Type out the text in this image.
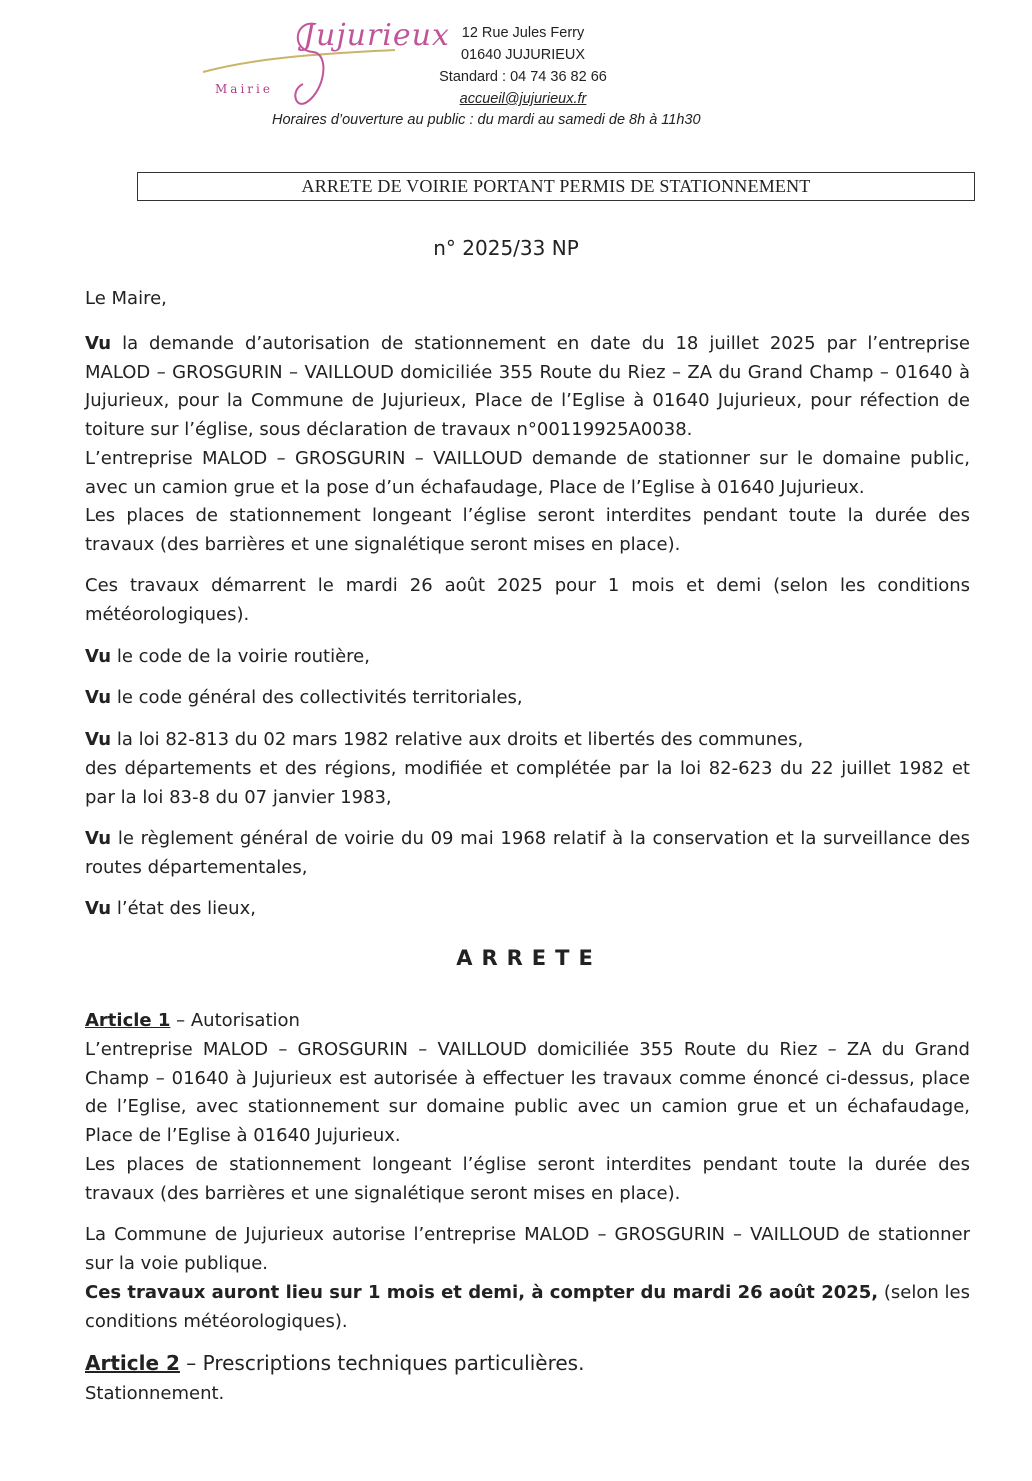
Mairie
Jujurieux 12 Rue Jules Ferry
01640 JUJURIEUX
Standard : 04 74 36 82 66
accueil@jujurieux.fr
Horaires d’ouverture au public : du mardi au samedi de 8h à 11h30
ARRETE DE VOIRIE PORTANT PERMIS DE STATIONNEMENT
n° 2025/33 NP
Le Maire,
Vu la demande d’autorisation de stationnement en date du 18 juillet 2025 par l’entreprise MALOD – GROSGURIN – VAILLOUD domiciliée 355 Route du Riez – ZA du Grand Champ – 01640 à Jujurieux, pour la Commune de Jujurieux, Place de l’Eglise à 01640 Jujurieux, pour réfection de toiture sur l’église, sous déclaration de travaux n°00119925A0038.
L’entreprise MALOD – GROSGURIN – VAILLOUD demande de stationner sur le domaine public, avec un camion grue et la pose d’un échafaudage, Place de l’Eglise à 01640 Jujurieux.
Les places de stationnement longeant l’église seront interdites pendant toute la durée des travaux (des barrières et une signalétique seront mises en place).
Ces travaux démarrent le mardi 26 août 2025 pour 1 mois et demi (selon les conditions météorologiques).
Vu le code de la voirie routière,
Vu le code général des collectivités territoriales,
Vu la loi 82-813 du 02 mars 1982 relative aux droits et libertés des communes,
des départements et des régions, modifiée et complétée par la loi 82-623 du 22 juillet 1982 et par la loi 83-8 du 07 janvier 1983,
Vu le règlement général de voirie du 09 mai 1968 relatif à la conservation et la surveillance des routes départementales,
Vu l’état des lieux,
ARRETE
Article 1 – Autorisation
L’entreprise MALOD – GROSGURIN – VAILLOUD domiciliée 355 Route du Riez – ZA du Grand Champ – 01640 à Jujurieux est autorisée à effectuer les travaux comme énoncé ci-dessus, place de l’Eglise, avec stationnement sur domaine public avec un camion grue et un échafaudage, Place de l’Eglise à 01640 Jujurieux.
Les places de stationnement longeant l’église seront interdites pendant toute la durée des travaux (des barrières et une signalétique seront mises en place).
La Commune de Jujurieux autorise l’entreprise MALOD – GROSGURIN – VAILLOUD de stationner sur la voie publique.
Ces travaux auront lieu sur 1 mois et demi, à compter du mardi 26 août 2025, (selon les conditions météorologiques).
Article 2 – Prescriptions techniques particulières.
Stationnement.
